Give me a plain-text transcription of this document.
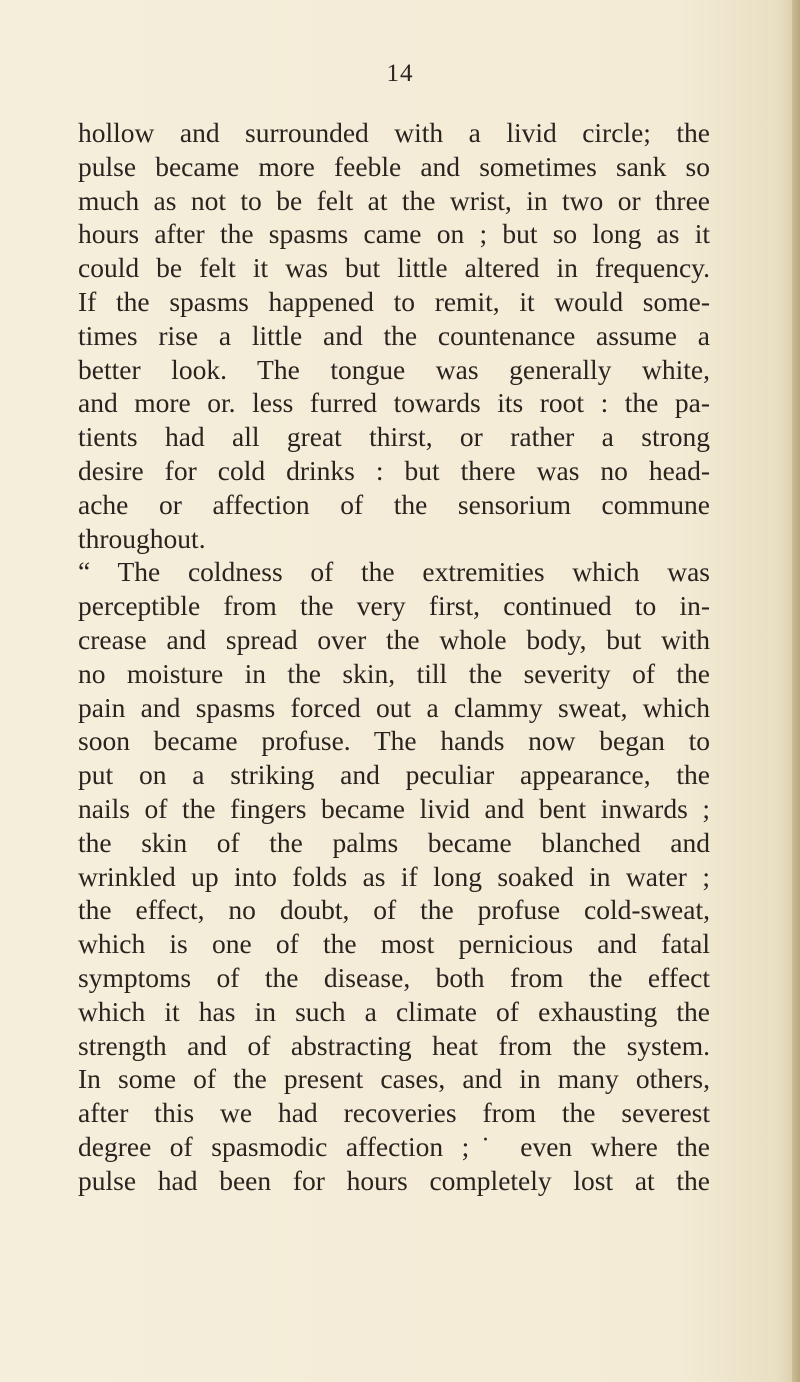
14
hollow and surrounded with a livid circle; the
pulse became more feeble and sometimes sank so
much as not to be felt at the wrist, in two or three
hours after the spasms came on ; but so long as it
could be felt it was but little altered in frequency.
If the spasms happened to remit, it would some-
times rise a little and the countenance assume a
better look. The tongue was generally white,
and more or. less furred towards its root : the pa-
tients had all great thirst, or rather a strong
desire for cold drinks : but there was no head-
ache or affection of the sensorium commune
throughout.
“ The coldness of the extremities which was
perceptible from the very first, continued to in-
crease and spread over the whole body, but with
no moisture in the skin, till the severity of the
pain and spasms forced out a clammy sweat, which
soon became profuse. The hands now began to
put on a striking and peculiar appearance, the
nails of the fingers became livid and bent inwards ;
the skin of the palms became blanched and
wrinkled up into folds as if long soaked in water ;
the effect, no doubt, of the profuse cold-sweat,
which is one of the most pernicious and fatal
symptoms of the disease, both from the effect
which it has in such a climate of exhausting the
strength and of abstracting heat from the system.
In some of the present cases, and in many others,
after this we had recoveries from the severest
degree of spasmodic affection ;˙ even where the
pulse had been for hours completely lost at the
